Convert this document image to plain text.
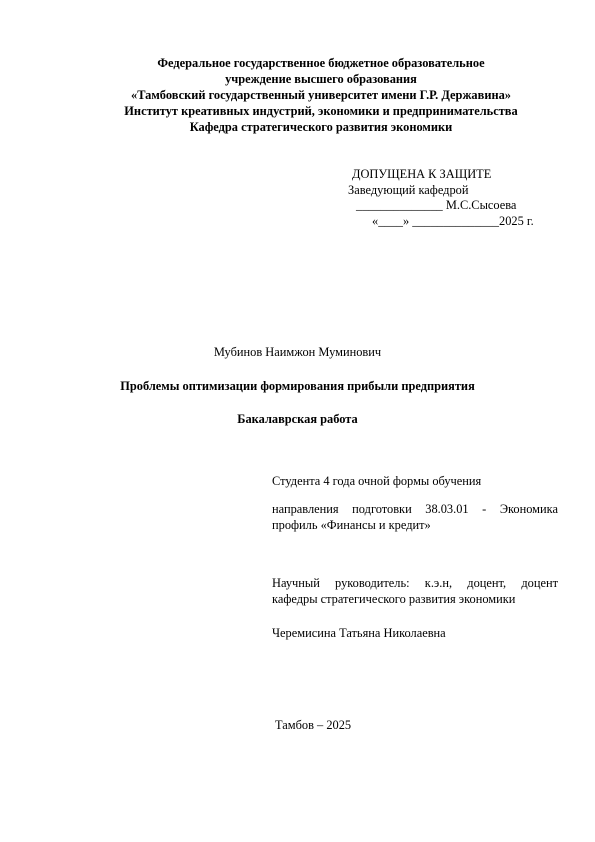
Федеральное государственное бюджетное образовательное
учреждение высшего образования
«Тамбовский государственный университет имени Г.Р. Державина»
Институт креативных индустрий, экономики и предпринимательства
Кафедра стратегического развития экономики
ДОПУЩЕНА К ЗАЩИТЕ
Заведующий кафедрой
______________ М.С.Сысоева
«____» ______________2025 г.
Мубинов Наимжон Муминович
Проблемы оптимизации формирования прибыли предприятия
Бакалаврская работа
Студента 4 года очной формы обучения
направления подготовки 38.03.01 - Экономика
профиль «Финансы и кредит»
Научный руководитель: к.э.н, доцент, доцент
кафедры стратегического развития экономики
Черемисина Татьяна Николаевна
Тамбов – 2025
